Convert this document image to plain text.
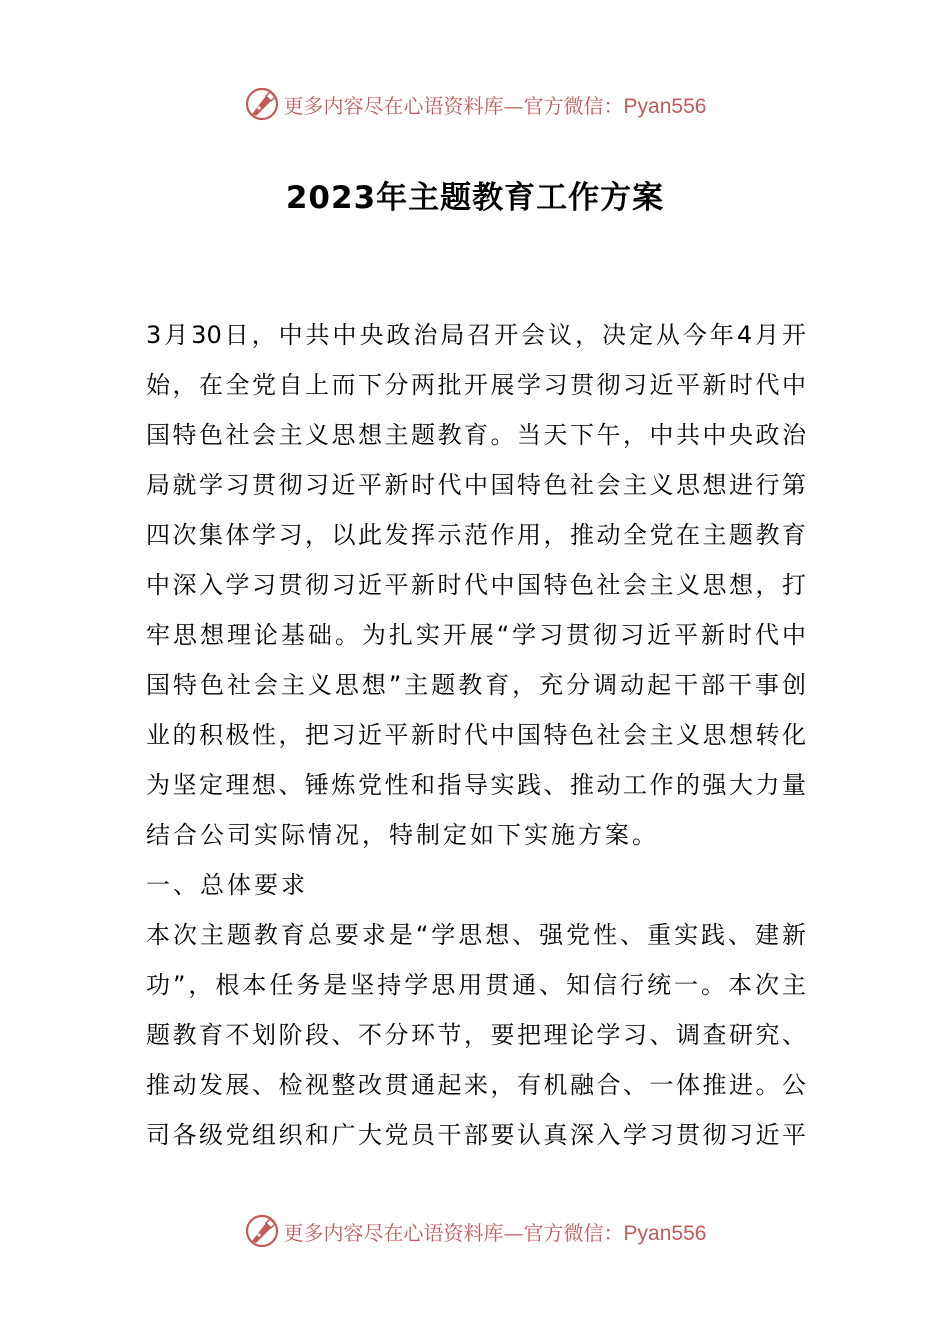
更多内容尽在心语资料库—官方微信：Pyan556
2023年主题教育工作方案
3月30日，中共中央政治局召开会议，决定从今年4月开
始，在全党自上而下分两批开展学习贯彻习近平新时代中
国特色社会主义思想主题教育。当天下午，中共中央政治
局就学习贯彻习近平新时代中国特色社会主义思想进行第
四次集体学习，以此发挥示范作用，推动全党在主题教育
中深入学习贯彻习近平新时代中国特色社会主义思想，打
牢思想理论基础。为扎实开展“学习贯彻习近平新时代中
国特色社会主义思想”主题教育，充分调动起干部干事创
业的积极性，把习近平新时代中国特色社会主义思想转化
为坚定理想、锤炼党性和指导实践、推动工作的强大力量
结合公司实际情况，特制定如下实施方案。
一、总体要求
本次主题教育总要求是“学思想、强党性、重实践、建新
功”，根本任务是坚持学思用贯通、知信行统一。本次主
题教育不划阶段、不分环节，要把理论学习、调查研究、
推动发展、检视整改贯通起来，有机融合、一体推进。公
司各级党组织和广大党员干部要认真深入学习贯彻习近平
更多内容尽在心语资料库—官方微信：Pyan556
